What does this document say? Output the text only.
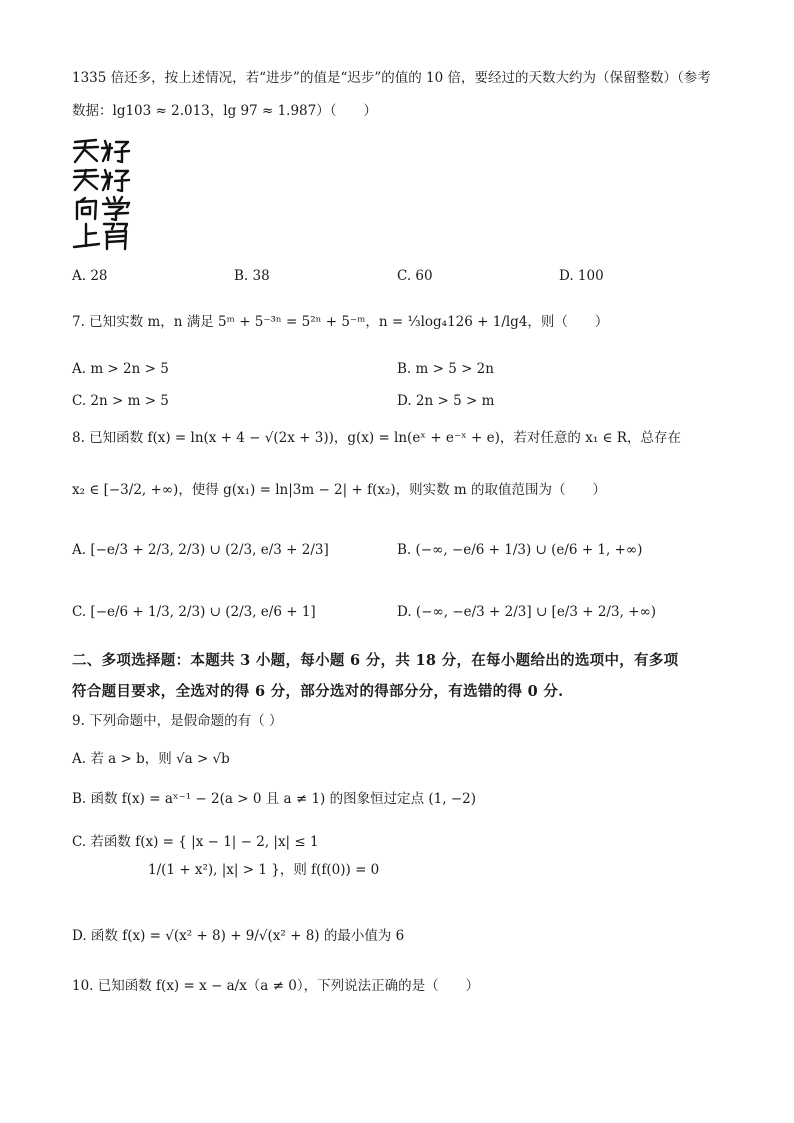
1335 倍还多，按上述情况，若“进步”的值是“迟步”的值的 10 倍，要经过的天数大约为（保留整数）（参考
数据：lg103 ≈ 2.013，lg 97 ≈ 1.987）（　　）
A. 28	B. 38	C. 60	D. 100
7. 已知实数 m，n 满足 5ᵐ + 5⁻³ⁿ = 5²ⁿ + 5⁻ᵐ，n = ⅓log₄126 + 1/lg4，则（　　）
A. m > 2n > 5	B. m > 5 > 2n
C. 2n > m > 5	D. 2n > 5 > m
8. 已知函数 f(x) = ln(x + 4 − √(2x + 3))，g(x) = ln(eˣ + e⁻ˣ + e)，若对任意的 x₁ ∈ R，总存在
x₂ ∈ [−3/2, +∞)，使得 g(x₁) = ln|3m − 2| + f(x₂)，则实数 m 的取值范围为（　　）
A. [−e/3 + 2/3, 2/3) ∪ (2/3, e/3 + 2/3]	B. (−∞, −e/6 + 1/3) ∪ (e/6 + 1, +∞)
C. [−e/6 + 1/3, 2/3) ∪ (2/3, e/6 + 1]	D. (−∞, −e/3 + 2/3] ∪ [e/3 + 2/3, +∞)
二、多项选择题：本题共 3 小题，每小题 6 分，共 18 分，在每小题给出的选项中，有多项
符合题目要求，全选对的得 6 分，部分选对的得部分分，有选错的得 0 分.
9. 下列命题中，是假命题的有（ ）
A. 若 a > b，则 √a > √b
B. 函数 f(x) = aˣ⁻¹ − 2(a > 0 且 a ≠ 1) 的图象恒过定点 (1, −2)
C. 若函数 f(x) = { |x − 1| − 2, |x| ≤ 1
1/(1 + x²), |x| > 1 }，则 f(f(0)) = 0
D. 函数 f(x) = √(x² + 8) + 9/√(x² + 8) 的最小值为 6
10. 已知函数 f(x) = x − a/x（a ≠ 0），下列说法正确的是（　　）
